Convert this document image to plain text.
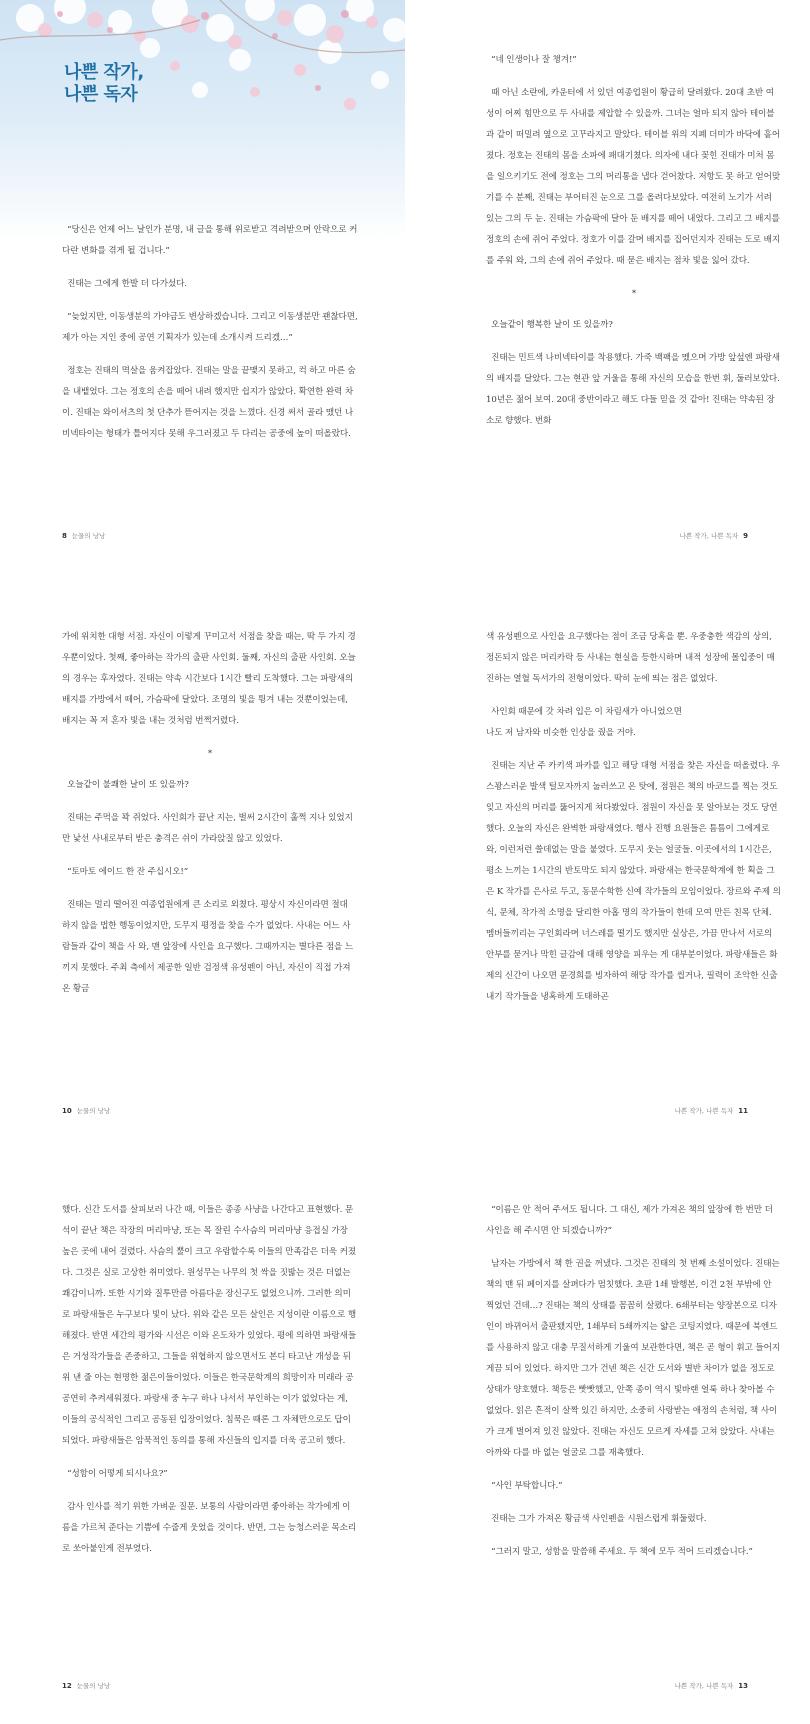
나쁜 작가,
나쁜 독자

“당신은 언제 어느 날인가 분명, 내 글을 통해 위로받고 격려받으며 안락으로 커다란 변화를 겪게 될 겁니다.”

진태는 그에게 한발 더 다가섰다.

“늦었지만, 이동생분의 가야금도 변상하겠습니다. 그리고 이동생분만 괜찮다면, 제가 아는 지인 중에 공연 기획자가 있는데 소개시켜 드리겠…”

정호는 진태의 멱살을 움켜잡았다. 진태는 말을 끝맺지 못하고, 컥 하고 마른 숨을 내뱉었다. 그는 정호의 손을 떼어 내려 했지만 쉽지가 않았다. 확연한 완력 차이. 진태는 와이셔츠의 첫 단추가 뜯어지는 것을 느꼈다. 신경 써서 골라 맸던 나비넥타이는 형태가 틀어지다 못해 우그러졌고 두 다리는 공중에 높이 떠올랐다.

8 눈물의 낭낭

“네 인생이나 잘 챙겨!”

때 아닌 소란에, 카운터에 서 있던 여종업원이 황급히 달려왔다. 20대 초반 여성이 어찌 힘만으로 두 사내를 제압할 수 있을까. 그녀는 얼마 되지 않아 테이블과 같이 떠밀려 옆으로 고꾸라지고 말았다. 테이블 위의 지폐 더미가 바닥에 흩어졌다. 정호는 진태의 몸을 소파에 패대기쳤다. 의자에 내다 꽂힌 진태가 미처 몸을 일으키기도 전에 정호는 그의 머리통을 냅다 걷어찼다. 저항도 못 하고 얻어맞기를 수 분째, 진태는 부어터진 눈으로 그를 올려다보았다. 여전히 노기가 서려 있는 그의 두 눈. 진태는 가슴팍에 달아 둔 배지를 떼어 내었다. 그리고 그 배지를 정호의 손에 쥐어 주었다. 정호가 이를 갈며 배지를 집어던지자 진태는 도로 배지를 주워 와, 그의 손에 쥐어 주었다. 때 묻은 배지는 점차 빛을 잃어 갔다.

*

오늘같이 행복한 날이 또 있을까?

진태는 민트색 나비넥타이를 착용했다. 가죽 백팩을 멨으며 가방 앞섶엔 파랑새의 배지를 달았다. 그는 현관 앞 거울을 통해 자신의 모습을 한번 휘, 둘러보았다. 10년은 젊어 보여. 20대 중반이라고 해도 다들 믿을 것 같아! 진태는 약속된 장소로 향했다. 번화

나쁜 작가, 나쁜 독자 9

가에 위치한 대형 서점. 자신이 이렇게 꾸미고서 서점을 찾을 때는, 딱 두 가지 경우뿐이었다. 첫째, 좋아하는 작가의 출판 사인회. 둘째, 자신의 출판 사인회. 오늘의 경우는 후자였다. 진태는 약속 시간보다 1시간 빨리 도착했다. 그는 파랑새의 배지를 가방에서 떼어, 가슴팍에 달았다. 조명의 빛을 튕겨 내는 것뿐이었는데, 배지는 꼭 저 혼자 빛을 내는 것처럼 번쩍거렸다.

*

오늘같이 불쾌한 날이 또 있을까?

진태는 주먹을 꽉 쥐었다. 사인회가 끝난 지는, 벌써 2시간이 훌쩍 지나 있었지만 낯선 사내로부터 받은 충격은 쉬이 가라앉질 않고 있었다.

“토마토 에이드 한 잔 주십시오!”

진태는 멀리 떨어진 여종업원에게 큰 소리로 외쳤다. 평상시 자신이라면 절대 하지 않을 법한 행동이었지만, 도무지 평정을 찾을 수가 없었다. 사내는 어느 사람들과 같이 책을 사 와, 맨 앞장에 사인을 요구했다. 그때까지는 별다른 점을 느끼지 못했다. 주최 측에서 제공한 일반 검정색 유성펜이 아닌, 자신이 직접 가져온 황금

10 눈물의 낭낭

색 유성펜으로 사인을 요구했다는 점이 조금 당혹을 뿐. 우중충한 색감의 상의, 정돈되지 않은 머리카락 등 사내는 현실을 등한시하며 내적 성장에 몰입중이 매진하는 열혈 독서가의 전형이었다. 딱히 눈에 띄는 점은 없었다.

사인회 때문에 갓 차려 입은 이 차림새가 아니었으면
나도 저 남자와 비슷한 인상을 줬을 거야.

진태는 지난 주 카키색 파카를 입고 해당 대형 서점을 찾은 자신을 떠올렸다. 우스꽝스러운 발색 털모자까지 눌러쓰고 온 탓에, 점원은 책의 바코드를 찍는 것도 잊고 자신의 머리를 뚫어지게 쳐다봤었다. 점원이 자신을 못 알아보는 것도 당연했다. 오늘의 자신은 완벽한 파랑새였다. 행사 진행 요원들은 틈틈이 그에게로 와, 이런저런 쓸데없는 말을 붙였다. 도무지 웃는 얼굴들. 이곳에서의 1시간은, 평소 느끼는 1시간의 반토막도 되지 않았다. 파랑새는 한국문학계에 한 획을 그은 K 작가를 은사로 두고, 동문수학한 신예 작가들의 모임이었다. 장르와 주제 의식, 문체, 작가적 소명을 달리한 아홉 명의 작가들이 한데 모여 만든 친목 단체. 멤버들끼리는 구인회라며 너스레를 떨기도 했지만 실상은, 가끔 만나서 서로의 안부를 묻거나 막힌 글감에 대해 영양을 피우는 게 대부분이었다. 파랑새들은 화제의 신간이 나오면 문경희를 빙자하여 해당 작가를 씹거나, 필력이 조악한 신출내기 작가들을 냉혹하게 도태하곤

나쁜 작가, 나쁜 독자 11

했다. 신간 도서를 살피보러 나간 때, 이들은 종종 사냥을 나간다고 표현했다. 문석이 끝난 책은 작장의 머리마냥, 또는 목 잘린 수사슴의 머리마냥 응접실 가장 높은 곳에 내어 걸렸다. 사슴의 뿔이 크고 우람할수록 이들의 만족감은 더욱 커졌다. 그것은 실로 고상한 취미였다. 원성무는 나무의 첫 싹을 짓밟는 것은 더없는 쾌감이니까. 또한 시기와 질투만큼 아름다운 장신구도 없었으니까. 그러한 의미로 파랑새들은 누구보다 빛이 났다. 위와 같은 모든 살인은 지성이란 이름으로 행해졌다. 반면 세간의 평가와 시선은 이와 온도차가 있었다. 평에 의하면 파랑새들은 거성작가들을 존중하고, 그들을 위협하지 않으면서도 본디 타고난 개성을 뒤위 낸 줄 아는 현명한 젊은이들이었다. 이들은 한국문학계의 희망이자 미래라 공공연히 추켜세워졌다. 파랑새 중 누구 하나 나서서 부인하는 이가 없었다는 게, 이들의 공식적인 그리고 공동된 입장이었다. 침묵은 때론 그 자체만으로도 답이 되었다. 파랑새들은 암묵적인 동의를 통해 자신들의 입지를 더욱 공고히 했다.

“성함이 어떻게 되시나요?”

감사 인사를 적기 위한 가벼운 질문. 보통의 사람이라면 좋아하는 작가에게 이름을 가르쳐 준다는 기쁨에 수줍게 웃었을 것이다. 반면, 그는 능청스러운 목소리로 쏘아붙인게 전부였다.

12 눈물의 낭낭

“이름은 안 적어 주셔도 됩니다. 그 대신, 제가 가져온 책의 앞장에 한 번만 더 사인을 해 주시면 안 되겠습니까?”

남자는 가방에서 책 한 권을 꺼냈다. 그것은 진태의 첫 번째 소설이었다. 진태는 책의 맨 뒤 페이지를 살펴다가 멈칫했다. 초판 1쇄 발행본, 이건 2천 부밖에 안 찍었던 건데…? 진태는 책의 상태를 꼼꼼히 살폈다. 6쇄부터는 양장본으로 디자인이 바뀌어서 출판됐지만, 1쇄부터 5쇄까지는 얇은 코팅지였다. 때문에 북엔드를 사용하지 않고 대충 무질서하게 기울여 보관한다면, 책은 곧 형이 휘고 들어지게끔 되어 있었다. 하지만 그가 건넨 책은 신간 도서와 별반 차이가 없을 정도로 상태가 양호했다. 책등은 빳빳했고, 안쪽 종이 역시 빛바랜 얼룩 하나 찾아볼 수 없었다. 읽은 흔적이 살짝 있긴 하지만, 소중히 사랑받는 애정의 손처럼, 책 사이가 크게 벌어져 있진 않았다. 진태는 자신도 모르게 자세를 고쳐 앉았다. 사내는 아까와 다를 바 없는 얼굴로 그를 재촉했다.

“사인 부탁합니다.”

진태는 그가 가져온 황금색 사인펜을 시원스럽게 휘둘렀다.

“그러지 말고, 성함을 말씀해 주세요. 두 책에 모두 적어 드리겠습니다.”

나쁜 작가, 나쁜 독자 13
